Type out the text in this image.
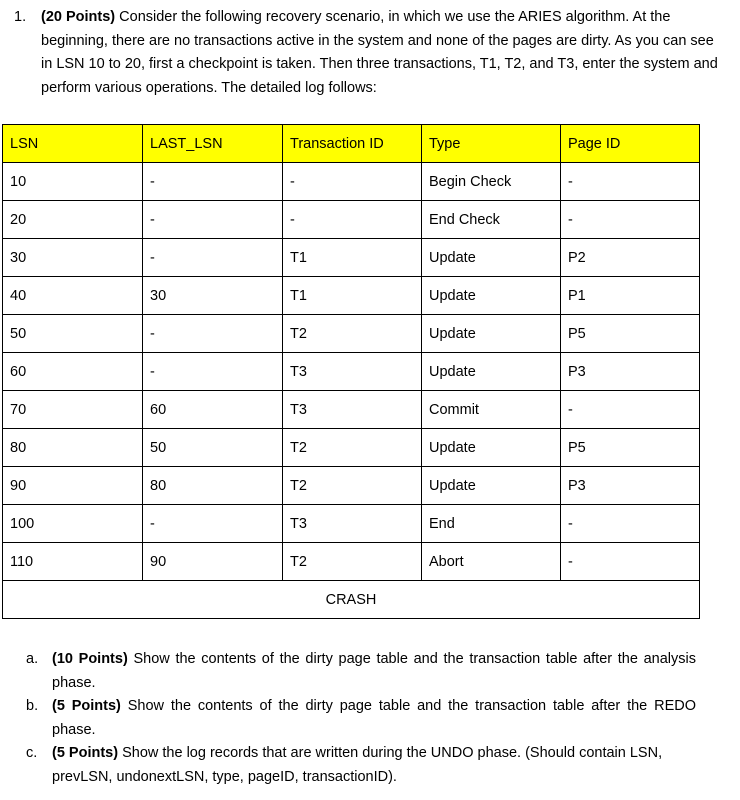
1. (20 Points) Consider the following recovery scenario, in which we use the ARIES algorithm. At the beginning, there are no transactions active in the system and none of the pages are dirty. As you can see in LSN 10 to 20, first a checkpoint is taken. Then three transactions, T1, T2, and T3, enter the system and perform various operations. The detailed log follows:
LSN	LAST_LSN	Transaction ID	Type	Page ID
10	-	-	Begin Check	-
20	-	-	End Check	-
30	-	T1	Update	P2
40	30	T1	Update	P1
50	-	T2	Update	P5
60	-	T3	Update	P3
70	60	T3	Commit	-
80	50	T2	Update	P5
90	80	T2	Update	P3
100	-	T3	End	-
110	90	T2	Abort	-
CRASH				
a. (10 Points) Show the contents of the dirty page table and the transaction table after the analysis phase.
b. (5 Points) Show the contents of the dirty page table and the transaction table after the REDO phase.
c. (5 Points) Show the log records that are written during the UNDO phase. (Should contain LSN, prevLSN, undonextLSN, type, pageID, transactionID).
